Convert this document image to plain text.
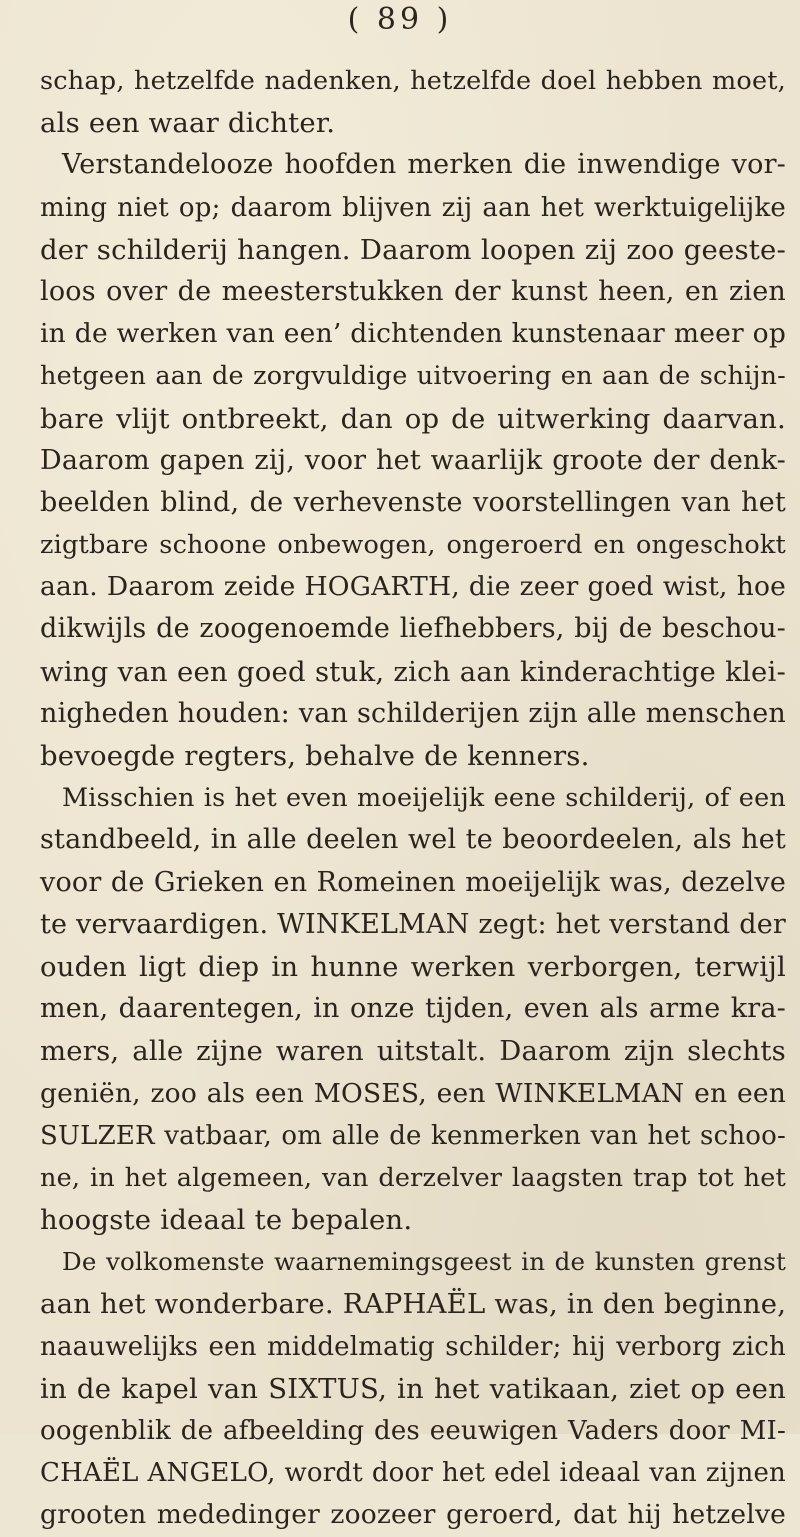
( 89 )
schap, hetzelfde nadenken, hetzelfde doel hebben moet,
als een waar dichter.
Verstandelooze hoofden merken die inwendige vor-
ming niet op; daarom blijven zij aan het werktuigelijke
der schilderij hangen. Daarom loopen zij zoo geeste-
loos over de meesterstukken der kunst heen, en zien
in de werken van een’ dichtenden kunstenaar meer op
hetgeen aan de zorgvuldige uitvoering en aan de schijn-
bare vlijt ontbreekt, dan op de uitwerking daarvan.
Daarom gapen zij, voor het waarlijk groote der denk-
beelden blind, de verhevenste voorstellingen van het
zigtbare schoone onbewogen, ongeroerd en ongeschokt
aan. Daarom zeide HOGARTH, die zeer goed wist, hoe
dikwijls de zoogenoemde liefhebbers, bij de beschou-
wing van een goed stuk, zich aan kinderachtige klei-
nigheden houden: van schilderijen zijn alle menschen
bevoegde regters, behalve de kenners.
Misschien is het even moeijelijk eene schilderij, of een
standbeeld, in alle deelen wel te beoordeelen, als het
voor de Grieken en Romeinen moeijelijk was, dezelve
te vervaardigen. WINKELMAN zegt: het verstand der
ouden ligt diep in hunne werken verborgen, terwijl
men, daarentegen, in onze tijden, even als arme kra-
mers, alle zijne waren uitstalt. Daarom zijn slechts
geniën, zoo als een MOSES, een WINKELMAN en een
SULZER vatbaar, om alle de kenmerken van het schoo-
ne, in het algemeen, van derzelver laagsten trap tot het
hoogste ideaal te bepalen.
De volkomenste waarnemingsgeest in de kunsten grenst
aan het wonderbare. RAPHAËL was, in den beginne,
naauwelijks een middelmatig schilder; hij verborg zich
in de kapel van SIXTUS, in het vatikaan, ziet op een
oogenblik de afbeelding des eeuwigen Vaders door MI-
CHAËL ANGELO, wordt door het edel ideaal van zijnen
grooten mededinger zoozeer geroerd, dat hij hetzelve
